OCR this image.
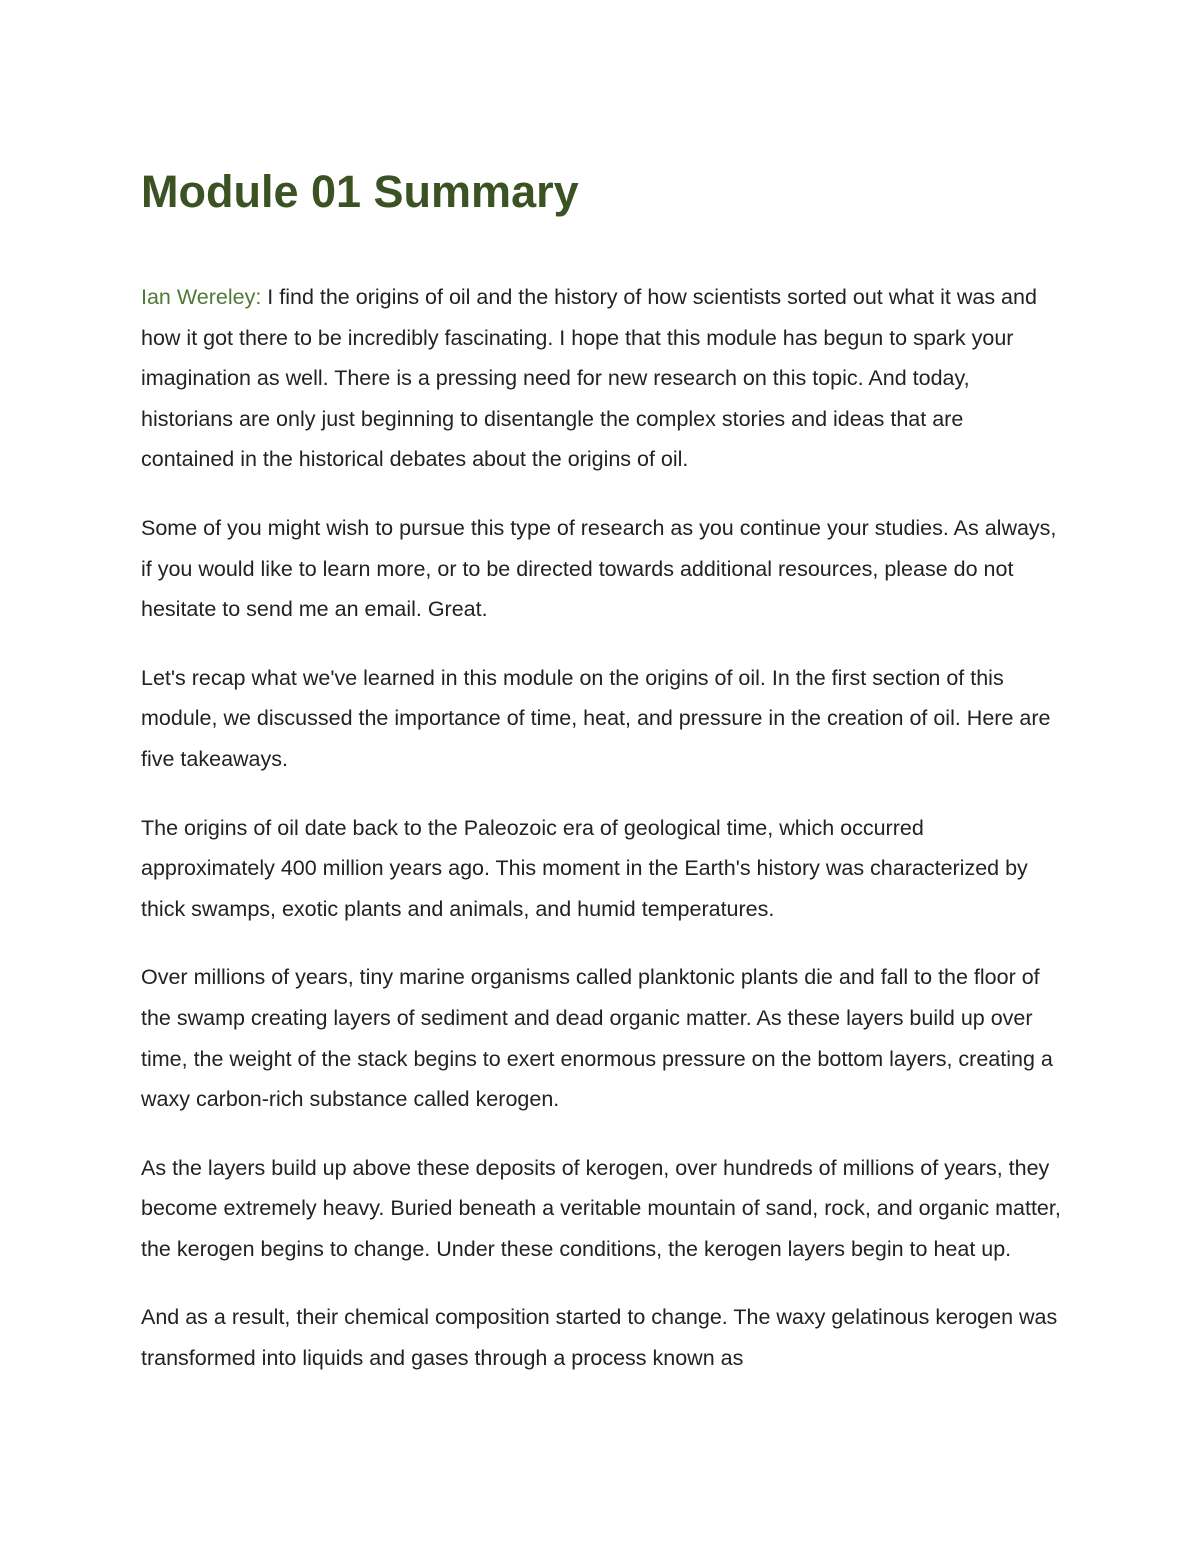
Module 01 Summary

Ian Wereley: I find the origins of oil and the history of how scientists sorted out what it was and how it got there to be incredibly fascinating. I hope that this module has begun to spark your imagination as well. There is a pressing need for new research on this topic. And today, historians are only just beginning to disentangle the complex stories and ideas that are contained in the historical debates about the origins of oil.

Some of you might wish to pursue this type of research as you continue your studies. As always, if you would like to learn more, or to be directed towards additional resources, please do not hesitate to send me an email. Great.

Let's recap what we've learned in this module on the origins of oil. In the first section of this module, we discussed the importance of time, heat, and pressure in the creation of oil. Here are five takeaways.

The origins of oil date back to the Paleozoic era of geological time, which occurred approximately 400 million years ago. This moment in the Earth's history was characterized by thick swamps, exotic plants and animals, and humid temperatures.

Over millions of years, tiny marine organisms called planktonic plants die and fall to the floor of the swamp creating layers of sediment and dead organic matter. As these layers build up over time, the weight of the stack begins to exert enormous pressure on the bottom layers, creating a waxy carbon-rich substance called kerogen.

As the layers build up above these deposits of kerogen, over hundreds of millions of years, they become extremely heavy. Buried beneath a veritable mountain of sand, rock, and organic matter, the kerogen begins to change. Under these conditions, the kerogen layers begin to heat up.

And as a result, their chemical composition started to change. The waxy gelatinous kerogen was transformed into liquids and gases through a process known as
